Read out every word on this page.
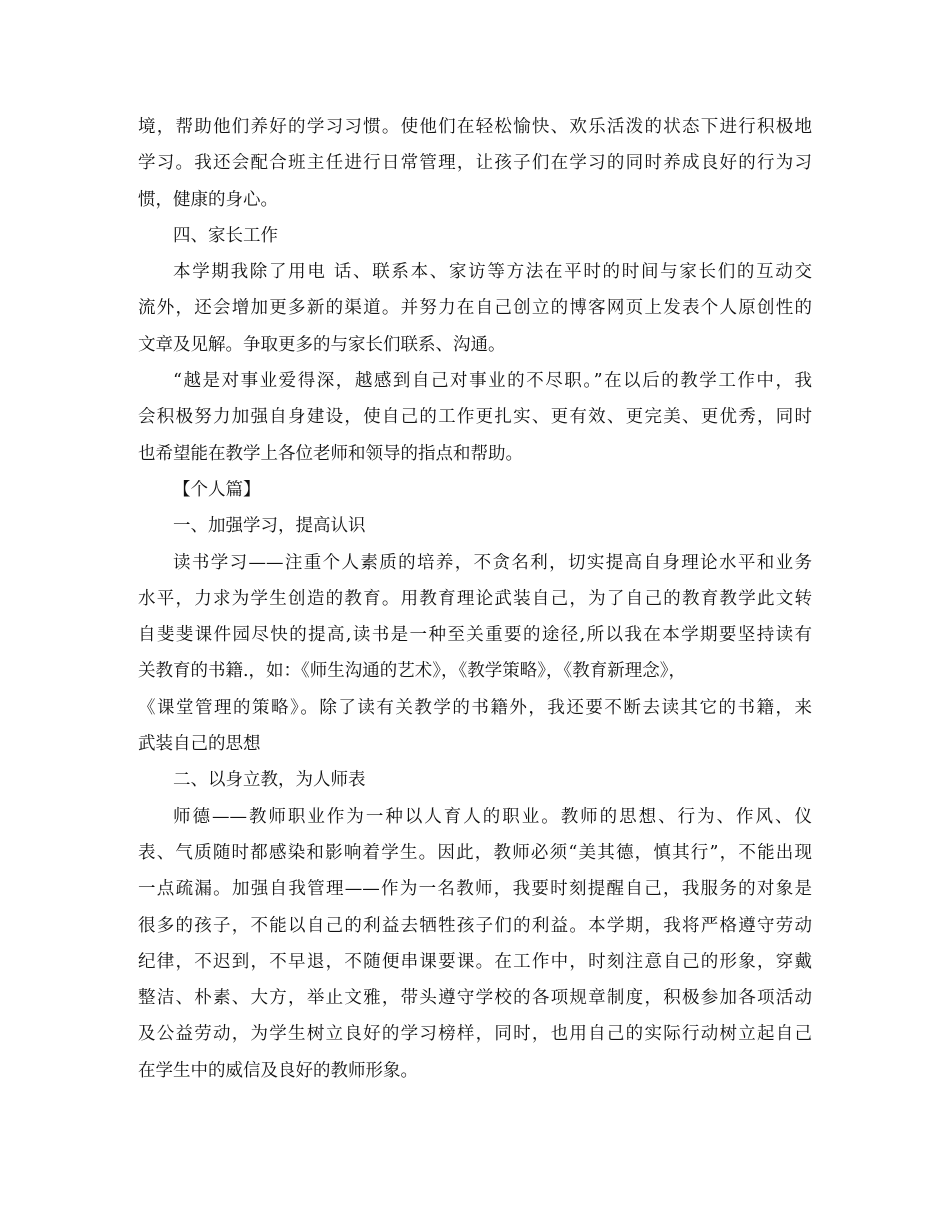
境，帮助他们养好的学习习惯。使他们在轻松愉快、欢乐活泼的状态下进行积极地
学习。我还会配合班主任进行日常管理，让孩子们在学习的同时养成良好的行为习
惯，健康的身心。
四、家长工作
本学期我除了用电 话、联系本、家访等方法在平时的时间与家长们的互动交
流外，还会增加更多新的渠道。并努力在自己创立的博客网页上发表个人原创性的
文章及见解。争取更多的与家长们联系、沟通。
“越是对事业爱得深，越感到自己对事业的不尽职。”在以后的教学工作中，我
会积极努力加强自身建设，使自己的工作更扎实、更有效、更完美、更优秀，同时
也希望能在教学上各位老师和领导的指点和帮助。
【个人篇】
一、加强学习，提高认识
读书学习——注重个人素质的培养，不贪名利，切实提高自身理论水平和业务
水平，力求为学生创造的教育。用教育理论武装自己，为了自己的教育教学此文转
自斐斐课件园尽快的提高,读书是一种至关重要的途径,所以我在本学期要坚持读有
关教育的书籍.，如：《师生沟通的艺术》，《教学策略》，《教育新理念》，
《课堂管理的策略》。除了读有关教学的书籍外，我还要不断去读其它的书籍，来
武装自己的思想
二、以身立教，为人师表
师德——教师职业作为一种以人育人的职业。教师的思想、行为、作风、仪
表、气质随时都感染和影响着学生。因此，教师必须“美其德，慎其行”，不能出现
一点疏漏。加强自我管理——作为一名教师，我要时刻提醒自己，我服务的对象是
很多的孩子，不能以自己的利益去牺牲孩子们的利益。本学期，我将严格遵守劳动
纪律，不迟到，不早退，不随便串课要课。在工作中，时刻注意自己的形象，穿戴
整洁、朴素、大方，举止文雅，带头遵守学校的各项规章制度，积极参加各项活动
及公益劳动，为学生树立良好的学习榜样，同时，也用自己的实际行动树立起自己
在学生中的威信及良好的教师形象。
